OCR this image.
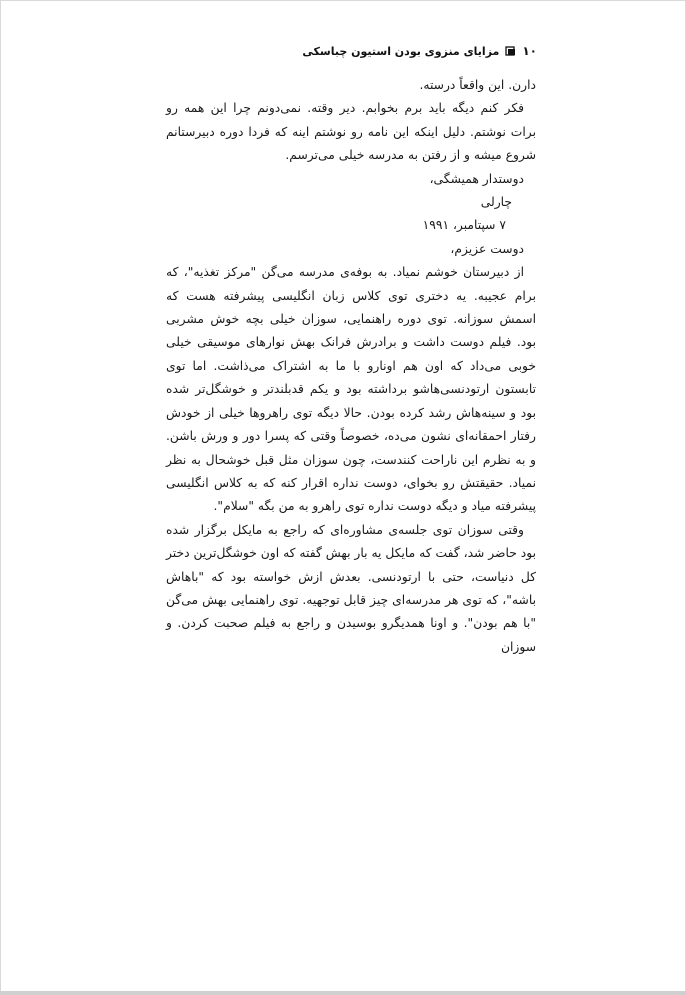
۱۰
مزایای منزوی بودن استیون چباسکی

دارن. این واقعاً درسته.

فکر کنم دیگه باید برم بخوابم. دیر وقته. نمی‌دونم چرا این همه رو برات نوشتم. دلیل اینکه این نامه رو نوشتم اینه که فردا دوره دبیرستانم شروع میشه و از رفتن به مدرسه خیلی می‌ترسم.

دوستدار همیشگی،

چارلی

۷ سپتامبر، ۱۹۹۱

دوست عزیزم،

از دبیرستان خوشم نمیاد. به بوفه‌ی مدرسه می‌گن "مرکز تغذیه"، که برام عجیبه. یه دختری توی کلاس زبان انگلیسی پیشرفته هست که اسمش سوزانه. توی دوره راهنمایی، سوزان خیلی بچه خوش مشربی بود. فیلم دوست داشت و برادرش فرانک بهش نوارهای موسیقی خیلی خوبی می‌داد که اون هم اونارو با ما به اشتراک می‌ذاشت. اما توی تابستون ارتودنسی‌هاشو برداشته بود و یکم قدبلندتر و خوشگل‌تر شده بود و سینه‌هاش رشد کرده بودن. حالا دیگه توی راهروها خیلی از خودش رفتار احمقانه‌ای نشون می‌ده، خصوصاً وقتی که پسرا دور و ورش باشن. و به نظرم این ناراحت کنندست، چون سوزان مثل قبل خوشحال به نظر نمیاد. حقیقتش رو بخوای، دوست نداره اقرار کنه که به کلاس انگلیسی پیشرفته میاد و دیگه دوست نداره توی راهرو به من بگه "سلام".

وقتی سوزان توی جلسه‌ی مشاوره‌ای که راجع به مایکل برگزار شده بود حاضر شد، گفت که مایکل یه بار بهش گفته که اون خوشگل‌ترین دختر کل دنیاست، حتی با ارتودنسی. بعدش ازش خواسته بود که "باهاش باشه"، که توی هر مدرسه‌ای چیز قابل توجهیه. توی راهنمایی بهش می‌گن "با هم بودن". و اونا همدیگرو بوسیدن و راجع به فیلم صحبت کردن. و سوزان
